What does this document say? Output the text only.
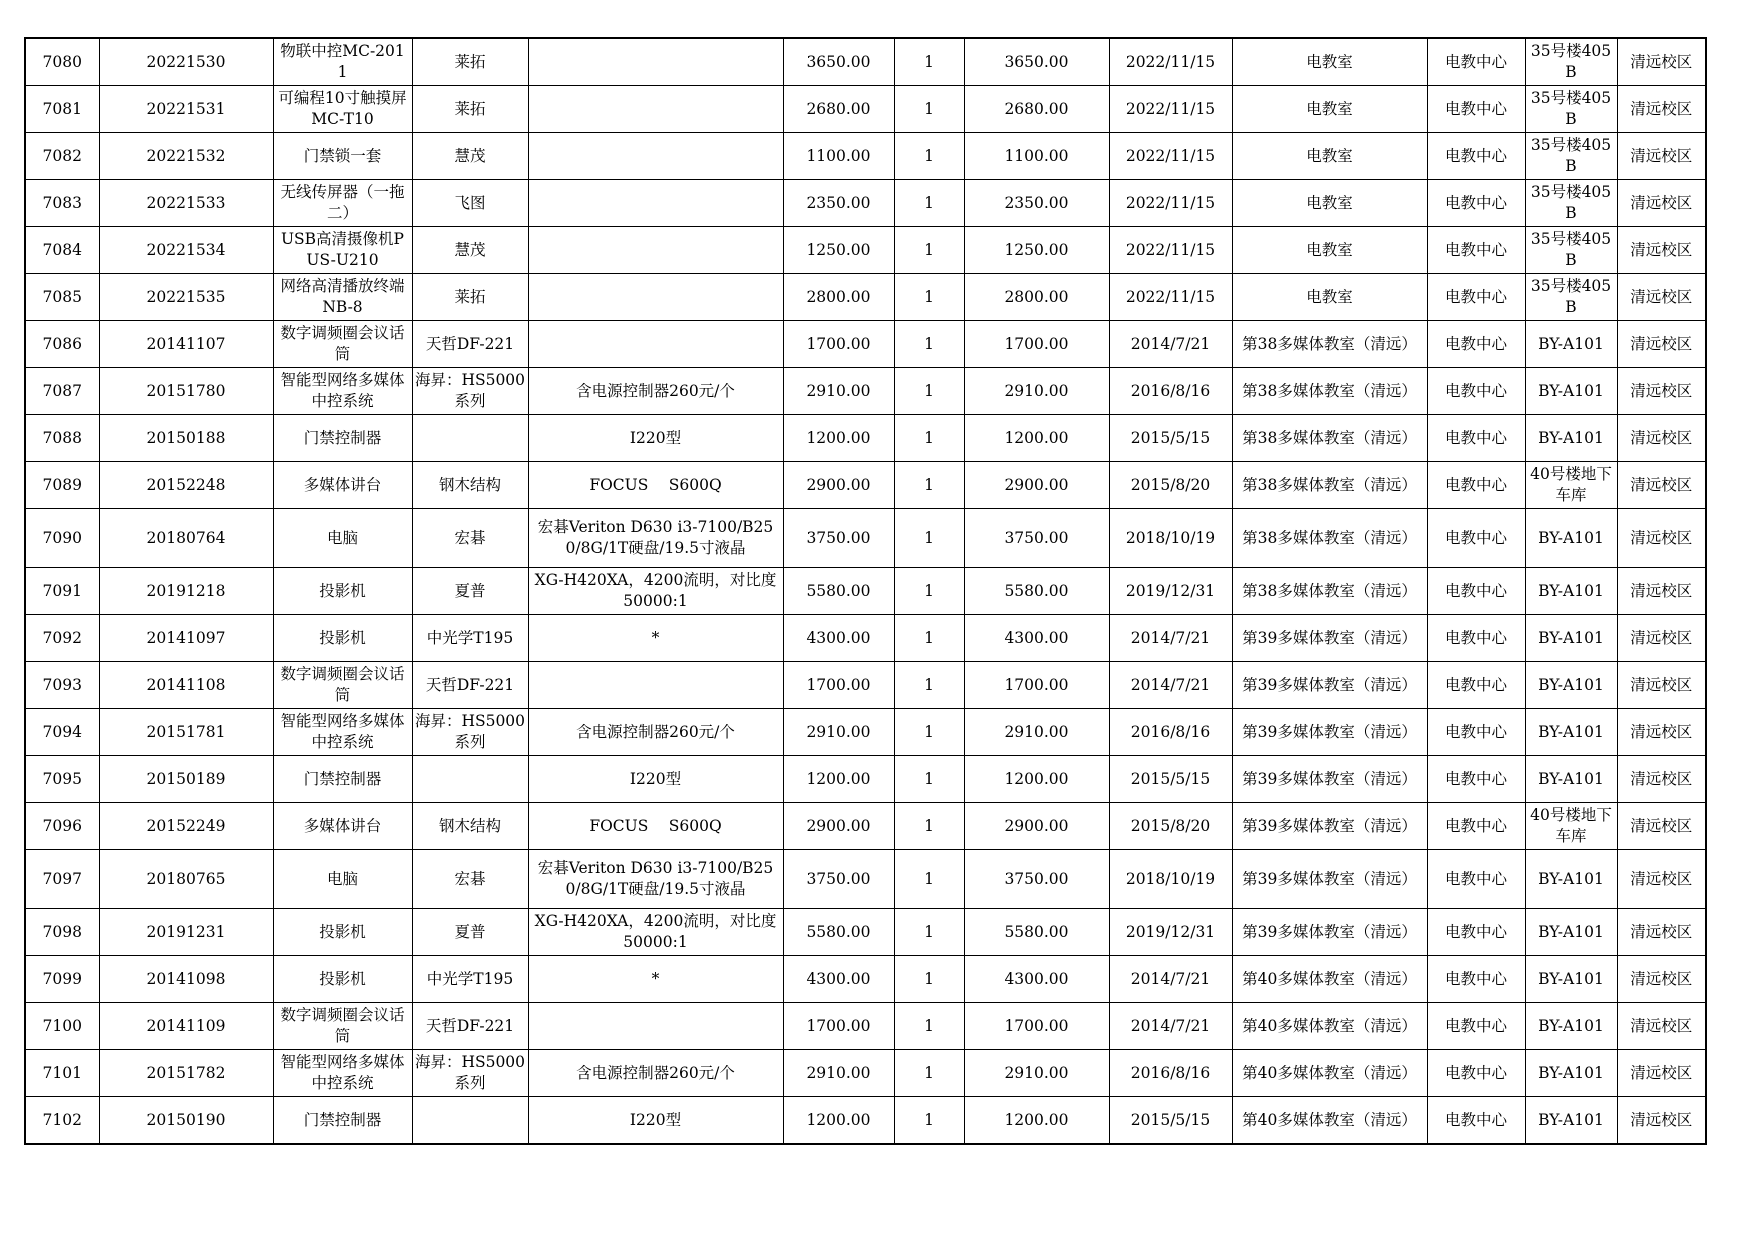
7080	20221530	物联中控MC-2011	莱拓		3650.00	1	3650.00	2022/11/15	电教室	电教中心	35号楼405B	清远校区
7081	20221531	可编程10寸触摸屏MC-T10	莱拓		2680.00	1	2680.00	2022/11/15	电教室	电教中心	35号楼405B	清远校区
7082	20221532	门禁锁一套	慧茂		1100.00	1	1100.00	2022/11/15	电教室	电教中心	35号楼405B	清远校区
7083	20221533	无线传屏器（一拖二）	飞图		2350.00	1	2350.00	2022/11/15	电教室	电教中心	35号楼405B	清远校区
7084	20221534	USB高清摄像机PUS-U210	慧茂		1250.00	1	1250.00	2022/11/15	电教室	电教中心	35号楼405B	清远校区
7085	20221535	网络高清播放终端NB-8	莱拓		2800.00	1	2800.00	2022/11/15	电教室	电教中心	35号楼405B	清远校区
7086	20141107	数字调频圈会议话筒	天哲DF-221		1700.00	1	1700.00	2014/7/21	第38多媒体教室（清远）	电教中心	BY-A101	清远校区
7087	20151780	智能型网络多媒体中控系统	海昇：HS5000系列	含电源控制器260元/个	2910.00	1	2910.00	2016/8/16	第38多媒体教室（清远）	电教中心	BY-A101	清远校区
7088	20150188	门禁控制器		I220型	1200.00	1	1200.00	2015/5/15	第38多媒体教室（清远）	电教中心	BY-A101	清远校区
7089	20152248	多媒体讲台	钢木结构	FOCUS　 S600Q	2900.00	1	2900.00	2015/8/20	第38多媒体教室（清远）	电教中心	40号楼地下车库	清远校区
7090	20180764	电脑	宏碁	宏碁Veriton D630 i3-7100/B250/8G/1T硬盘/19.5寸液晶	3750.00	1	3750.00	2018/10/19	第38多媒体教室（清远）	电教中心	BY-A101	清远校区
7091	20191218	投影机	夏普	XG-H420XA，4200流明，对比度50000:1	5580.00	1	5580.00	2019/12/31	第38多媒体教室（清远）	电教中心	BY-A101	清远校区
7092	20141097	投影机	中光学T195	*	4300.00	1	4300.00	2014/7/21	第39多媒体教室（清远）	电教中心	BY-A101	清远校区
7093	20141108	数字调频圈会议话筒	天哲DF-221		1700.00	1	1700.00	2014/7/21	第39多媒体教室（清远）	电教中心	BY-A101	清远校区
7094	20151781	智能型网络多媒体中控系统	海昇：HS5000系列	含电源控制器260元/个	2910.00	1	2910.00	2016/8/16	第39多媒体教室（清远）	电教中心	BY-A101	清远校区
7095	20150189	门禁控制器		I220型	1200.00	1	1200.00	2015/5/15	第39多媒体教室（清远）	电教中心	BY-A101	清远校区
7096	20152249	多媒体讲台	钢木结构	FOCUS　 S600Q	2900.00	1	2900.00	2015/8/20	第39多媒体教室（清远）	电教中心	40号楼地下车库	清远校区
7097	20180765	电脑	宏碁	宏碁Veriton D630 i3-7100/B250/8G/1T硬盘/19.5寸液晶	3750.00	1	3750.00	2018/10/19	第39多媒体教室（清远）	电教中心	BY-A101	清远校区
7098	20191231	投影机	夏普	XG-H420XA，4200流明，对比度50000:1	5580.00	1	5580.00	2019/12/31	第39多媒体教室（清远）	电教中心	BY-A101	清远校区
7099	20141098	投影机	中光学T195	*	4300.00	1	4300.00	2014/7/21	第40多媒体教室（清远）	电教中心	BY-A101	清远校区
7100	20141109	数字调频圈会议话筒	天哲DF-221		1700.00	1	1700.00	2014/7/21	第40多媒体教室（清远）	电教中心	BY-A101	清远校区
7101	20151782	智能型网络多媒体中控系统	海昇：HS5000系列	含电源控制器260元/个	2910.00	1	2910.00	2016/8/16	第40多媒体教室（清远）	电教中心	BY-A101	清远校区
7102	20150190	门禁控制器		I220型	1200.00	1	1200.00	2015/5/15	第40多媒体教室（清远）	电教中心	BY-A101	清远校区
